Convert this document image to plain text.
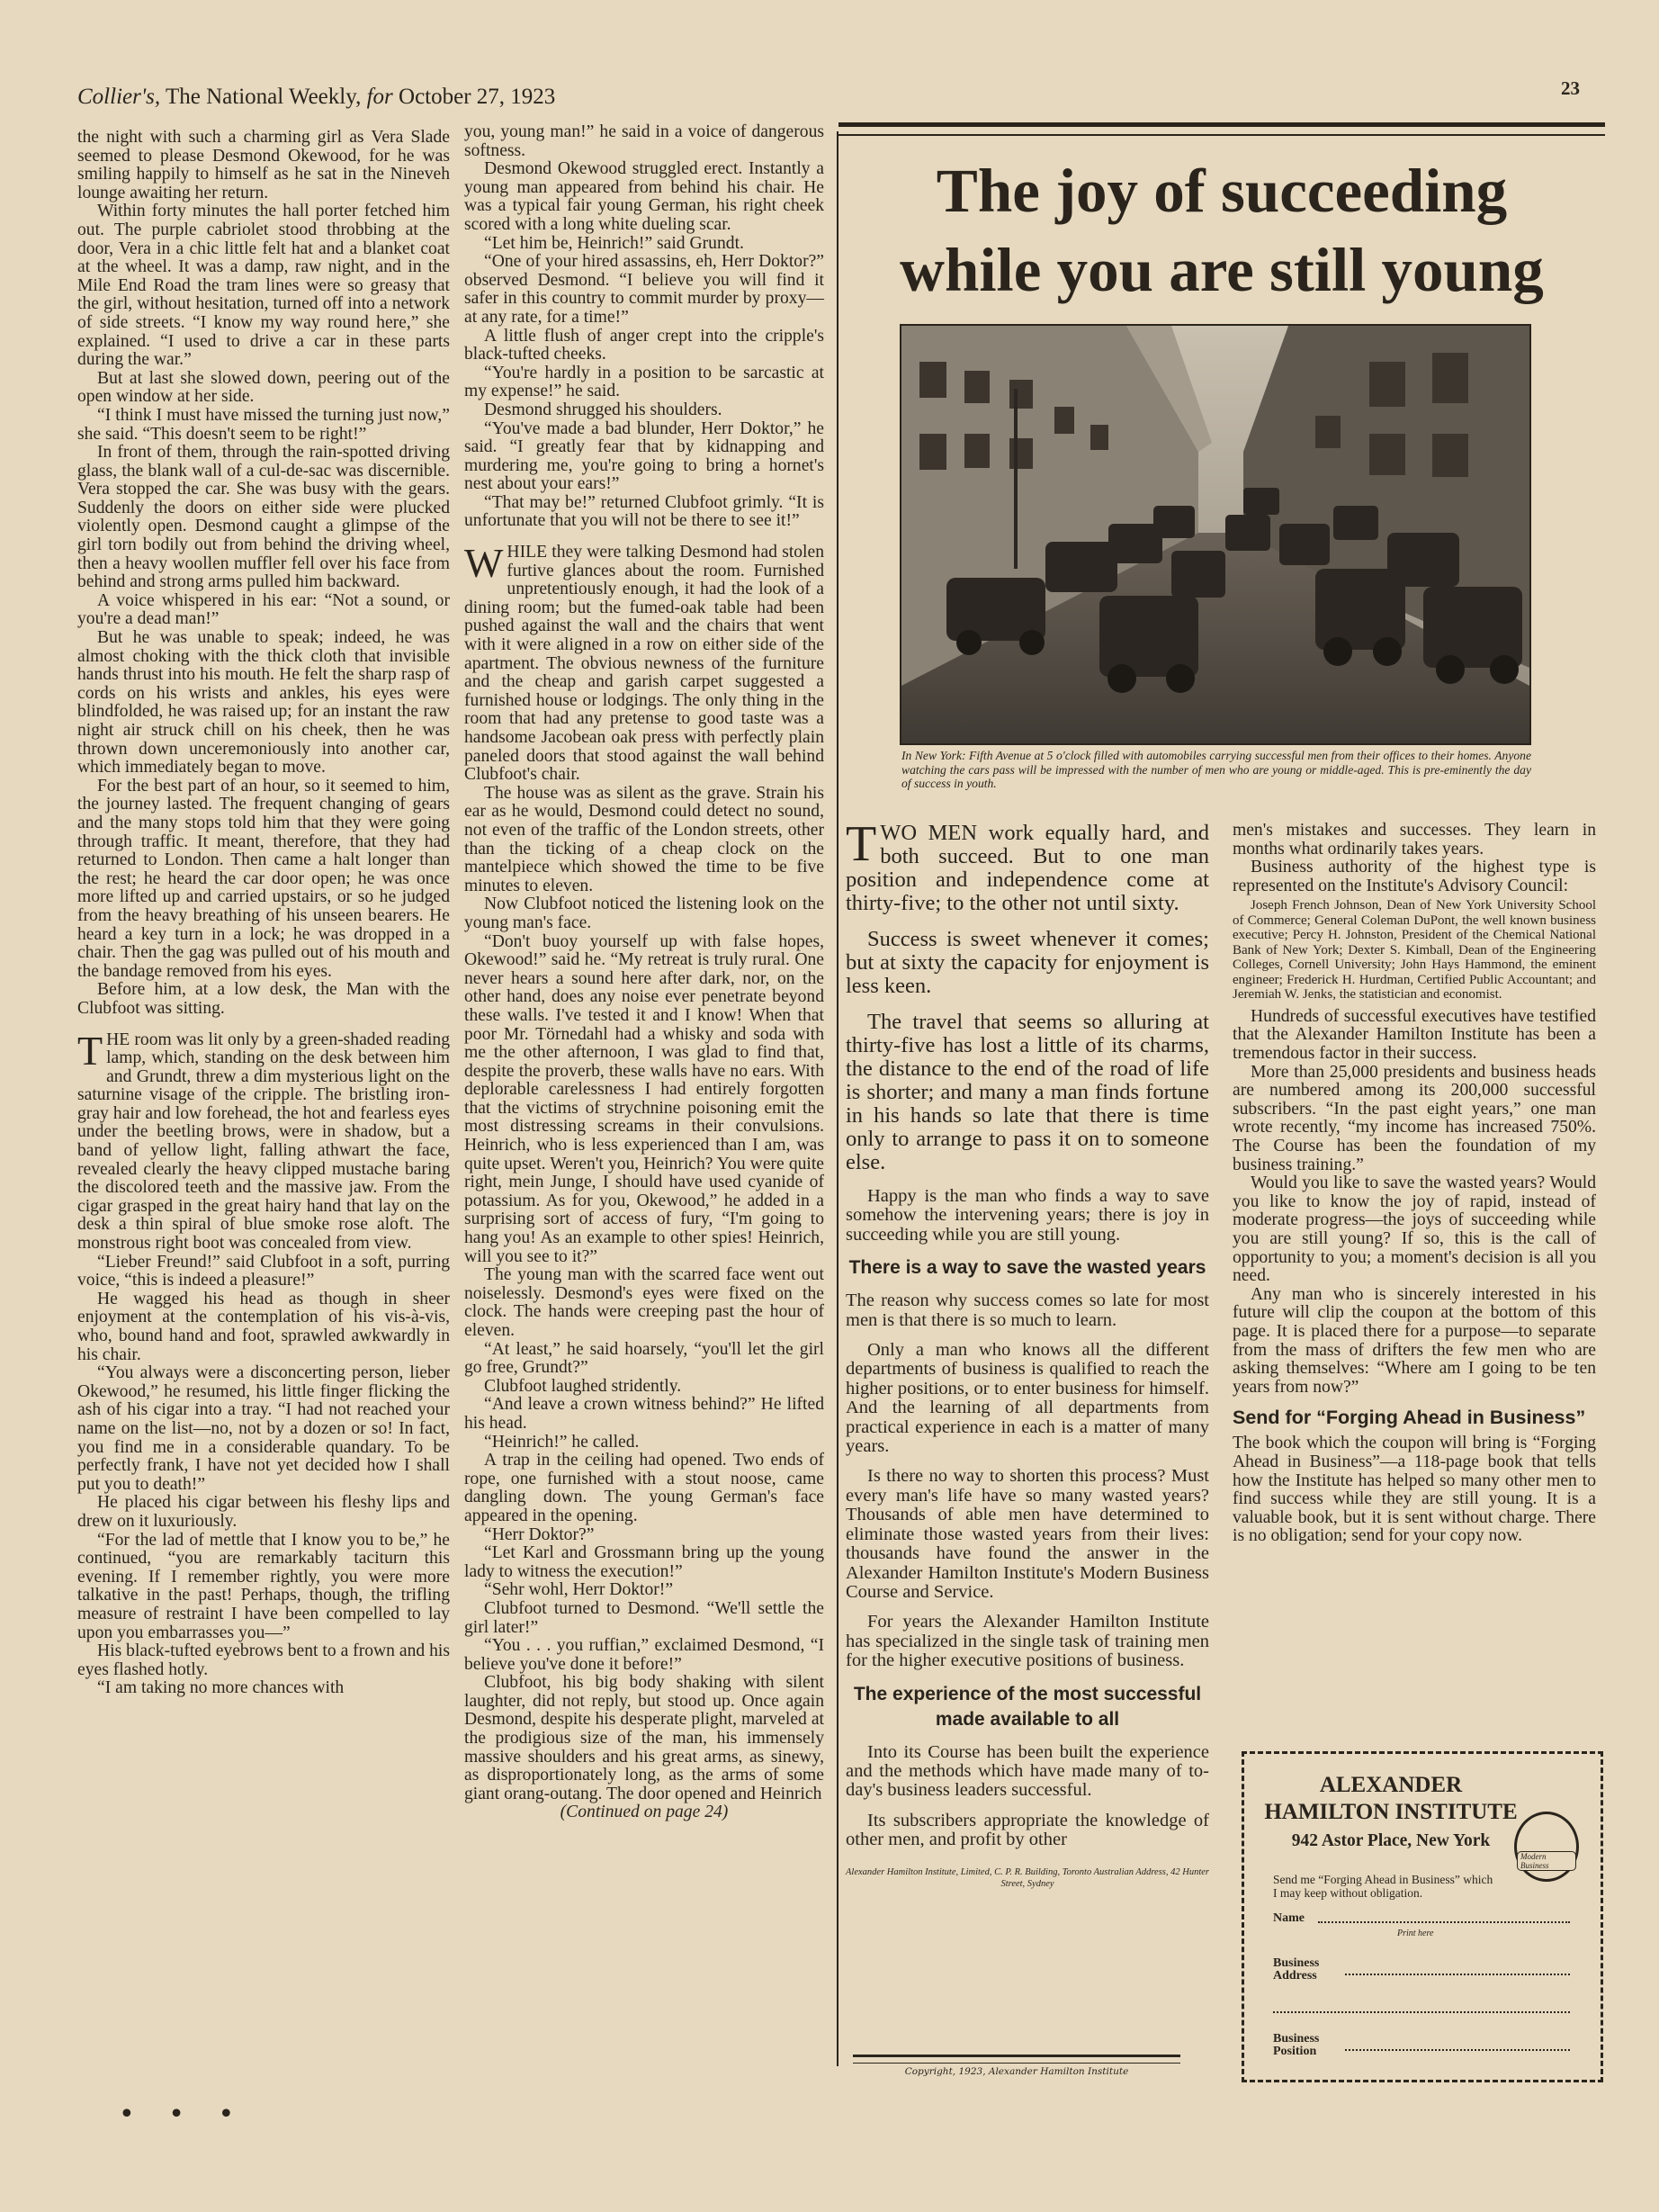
Collier's, The National Weekly, for October 27, 1923	23

the night with such a charming girl as Vera Slade seemed to please Desmond Okewood, for he was smiling happily to himself as he sat in the Nineveh lounge awaiting her return.

Within forty minutes the hall porter fetched him out. The purple cabriolet stood throbbing at the door, Vera in a chic little felt hat and a blanket coat at the wheel. It was a damp, raw night, and in the Mile End Road the tram lines were so greasy that the girl, without hesitation, turned off into a network of side streets. “I know my way round here,” she explained. “I used to drive a car in these parts during the war.”

But at last she slowed down, peering out of the open window at her side.

“I think I must have missed the turning just now,” she said. “This doesn't seem to be right!”

In front of them, through the rain-spotted driving glass, the blank wall of a cul-de-sac was discernible. Vera stopped the car. She was busy with the gears. Suddenly the doors on either side were plucked violently open. Desmond caught a glimpse of the girl torn bodily out from behind the driving wheel, then a heavy woollen muffler fell over his face from behind and strong arms pulled him backward.

A voice whispered in his ear: “Not a sound, or you're a dead man!”

But he was unable to speak; indeed, he was almost choking with the thick cloth that invisible hands thrust into his mouth. He felt the sharp rasp of cords on his wrists and ankles, his eyes were blindfolded, he was raised up; for an instant the raw night air struck chill on his cheek, then he was thrown down unceremoniously into another car, which immediately began to move.

For the best part of an hour, so it seemed to him, the journey lasted. The frequent changing of gears and the many stops told him that they were going through traffic. It meant, therefore, that they had returned to London. Then came a halt longer than the rest; he heard the car door open; he was once more lifted up and carried upstairs, or so he judged from the heavy breathing of his unseen bearers. He heard a key turn in a lock; he was dropped in a chair. Then the gag was pulled out of his mouth and the bandage removed from his eyes.

Before him, at a low desk, the Man with the Clubfoot was sitting.

THE room was lit only by a green-shaded reading lamp, which, standing on the desk between him and Grundt, threw a dim mysterious light on the saturnine visage of the cripple. The bristling iron-gray hair and low forehead, the hot and fearless eyes under the beetling brows, were in shadow, but a band of yellow light, falling athwart the face, revealed clearly the heavy clipped mustache baring the discolored teeth and the massive jaw. From the cigar grasped in the great hairy hand that lay on the desk a thin spiral of blue smoke rose aloft. The monstrous right boot was concealed from view.

“Lieber Freund!” said Clubfoot in a soft, purring voice, “this is indeed a pleasure!”

He wagged his head as though in sheer enjoyment at the contemplation of his vis-à-vis, who, bound hand and foot, sprawled awkwardly in his chair.

“You always were a disconcerting person, lieber Okewood,” he resumed, his little finger flicking the ash of his cigar into a tray. “I had not reached your name on the list—no, not by a dozen or so! In fact, you find me in a considerable quandary. To be perfectly frank, I have not yet decided how I shall put you to death!”

He placed his cigar between his fleshy lips and drew on it luxuriously.

“For the lad of mettle that I know you to be,” he continued, “you are remarkably taciturn this evening. If I remember rightly, you were more talkative in the past! Perhaps, though, the trifling measure of restraint I have been compelled to lay upon you embarrasses you—”

His black-tufted eyebrows bent to a frown and his eyes flashed hotly.

“I am taking no more chances with

• • •

you, young man!” he said in a voice of dangerous softness.

Desmond Okewood struggled erect. Instantly a young man appeared from behind his chair. He was a typical fair young German, his right cheek scored with a long white dueling scar.

“Let him be, Heinrich!” said Grundt.

“One of your hired assassins, eh, Herr Doktor?” observed Desmond. “I believe you will find it safer in this country to commit murder by proxy—at any rate, for a time!”

A little flush of anger crept into the cripple's black-tufted cheeks.

“You're hardly in a position to be sarcastic at my expense!” he said.

Desmond shrugged his shoulders.

“You've made a bad blunder, Herr Doktor,” he said. “I greatly fear that by kidnapping and murdering me, you're going to bring a hornet's nest about your ears!”

“That may be!” returned Clubfoot grimly. “It is unfortunate that you will not be there to see it!”

WHILE they were talking Desmond had stolen furtive glances about the room. Furnished unpretentiously enough, it had the look of a dining room; but the fumed-oak table had been pushed against the wall and the chairs that went with it were aligned in a row on either side of the apartment. The obvious newness of the furniture and the cheap and garish carpet suggested a furnished house or lodgings. The only thing in the room that had any pretense to good taste was a handsome Jacobean oak press with perfectly plain paneled doors that stood against the wall behind Clubfoot's chair.

The house was as silent as the grave. Strain his ear as he would, Desmond could detect no sound, not even of the traffic of the London streets, other than the ticking of a cheap clock on the mantelpiece which showed the time to be five minutes to eleven.

Now Clubfoot noticed the listening look on the young man's face.

“Don't buoy yourself up with false hopes, Okewood!” said he. “My retreat is truly rural. One never hears a sound here after dark, nor, on the other hand, does any noise ever penetrate beyond these walls. I've tested it and I know! When that poor Mr. Törnedahl had a whisky and soda with me the other afternoon, I was glad to find that, despite the proverb, these walls have no ears. With deplorable carelessness I had entirely forgotten that the victims of strychnine poisoning emit the most distressing screams in their convulsions. Heinrich, who is less experienced than I am, was quite upset. Weren't you, Heinrich? You were quite right, mein Junge, I should have used cyanide of potassium. As for you, Okewood,” he added in a surprising sort of access of fury, “I'm going to hang you! As an example to other spies! Heinrich, will you see to it?”

The young man with the scarred face went out noiselessly. Desmond's eyes were fixed on the clock. The hands were creeping past the hour of eleven.

“At least,” he said hoarsely, “you'll let the girl go free, Grundt?”

Clubfoot laughed stridently.

“And leave a crown witness behind?” He lifted his head.

“Heinrich!” he called.

A trap in the ceiling had opened. Two ends of rope, one furnished with a stout noose, came dangling down. The young German's face appeared in the opening.

“Herr Doktor?”

“Let Karl and Grossmann bring up the young lady to witness the execution!”

“Sehr wohl, Herr Doktor!”

Clubfoot turned to Desmond. “We'll settle the girl later!”

“You . . . you ruffian,” exclaimed Desmond, “I believe you've done it before!”

Clubfoot, his big body shaking with silent laughter, did not reply, but stood up. Once again Desmond, despite his desperate plight, marveled at the prodigious size of the man, his immensely massive shoulders and his great arms, as sinewy, as disproportionately long, as the arms of some giant orang-outang. The door opened and Heinrich

(Continued on page 24)

The joy of succeeding
while you are still young
In New York: Fifth Avenue at 5 o'clock filled with automobiles carrying successful men from their offices to their homes. Anyone watching the cars pass will be impressed with the number of men who are young or middle-aged. This is pre-eminently the day of success in youth.

TWO MEN work equally hard, and both succeed. But to one man position and independence come at thirty-five; to the other not until sixty.

Success is sweet whenever it comes; but at sixty the capacity for enjoyment is less keen.

The travel that seems so alluring at thirty-five has lost a little of its charms, the distance to the end of the road of life is shorter; and many a man finds fortune in his hands so late that there is time only to arrange to pass it on to someone else.

Happy is the man who finds a way to save somehow the intervening years; there is joy in succeeding while you are still young.

There is a way to save the wasted years

The reason why success comes so late for most men is that there is so much to learn.

Only a man who knows all the different departments of business is qualified to reach the higher positions, or to enter business for himself. And the learning of all departments from practical experience in each is a matter of many years.

Is there no way to shorten this process? Must every man's life have so many wasted years? Thousands of able men have determined to eliminate those wasted years from their lives: thousands have found the answer in the Alexander Hamilton Institute's Modern Business Course and Service.

For years the Alexander Hamilton Institute has specialized in the single task of training men for the higher executive positions of business.

The experience of the most successful made available to all

Into its Course has been built the experience and the methods which have made many of to-day's business leaders successful.

Its subscribers appropriate the knowledge of other men, and profit by other

Alexander Hamilton Institute, Limited, C. P. R. Building, Toronto Australian Address, 42 Hunter Street, Sydney
Copyright, 1923, Alexander Hamilton Institute

men's mistakes and successes. They learn in months what ordinarily takes years.

Business authority of the highest type is represented on the Institute's Advisory Council:

Joseph French Johnson, Dean of New York University School of Commerce; General Coleman DuPont, the well known business executive; Percy H. Johnston, President of the Chemical National Bank of New York; Dexter S. Kimball, Dean of the Engineering Colleges, Cornell University; John Hays Hammond, the eminent engineer; Frederick H. Hurdman, Certified Public Accountant; and Jeremiah W. Jenks, the statistician and economist.

Hundreds of successful executives have testified that the Alexander Hamilton Institute has been a tremendous factor in their success.

More than 25,000 presidents and business heads are numbered among its 200,000 successful subscribers. “In the past eight years,” one man wrote recently, “my income has increased 750%. The Course has been the foundation of my business training.”

Would you like to save the wasted years? Would you like to know the joy of rapid, instead of moderate progress—the joys of succeeding while you are still young? If so, this is the call of opportunity to you; a moment's decision is all you need.

Any man who is sincerely interested in his future will clip the coupon at the bottom of this page. It is placed there for a purpose—to separate from the mass of drifters the few men who are asking themselves: “Where am I going to be ten years from now?”

Send for “Forging Ahead in Business”

The book which the coupon will bring is “Forging Ahead in Business”—a 118-page book that tells how the Institute has helped so many other men to find success while they are still young. It is a valuable book, but it is sent without charge. There is no obligation; send for your copy now.

ALEXANDER HAMILTON INSTITUTE
942 Astor Place, New York
Modern Business
Send me “Forging Ahead in Business” which I may keep without obligation.
Name
Print here
Business Address
Business Position
